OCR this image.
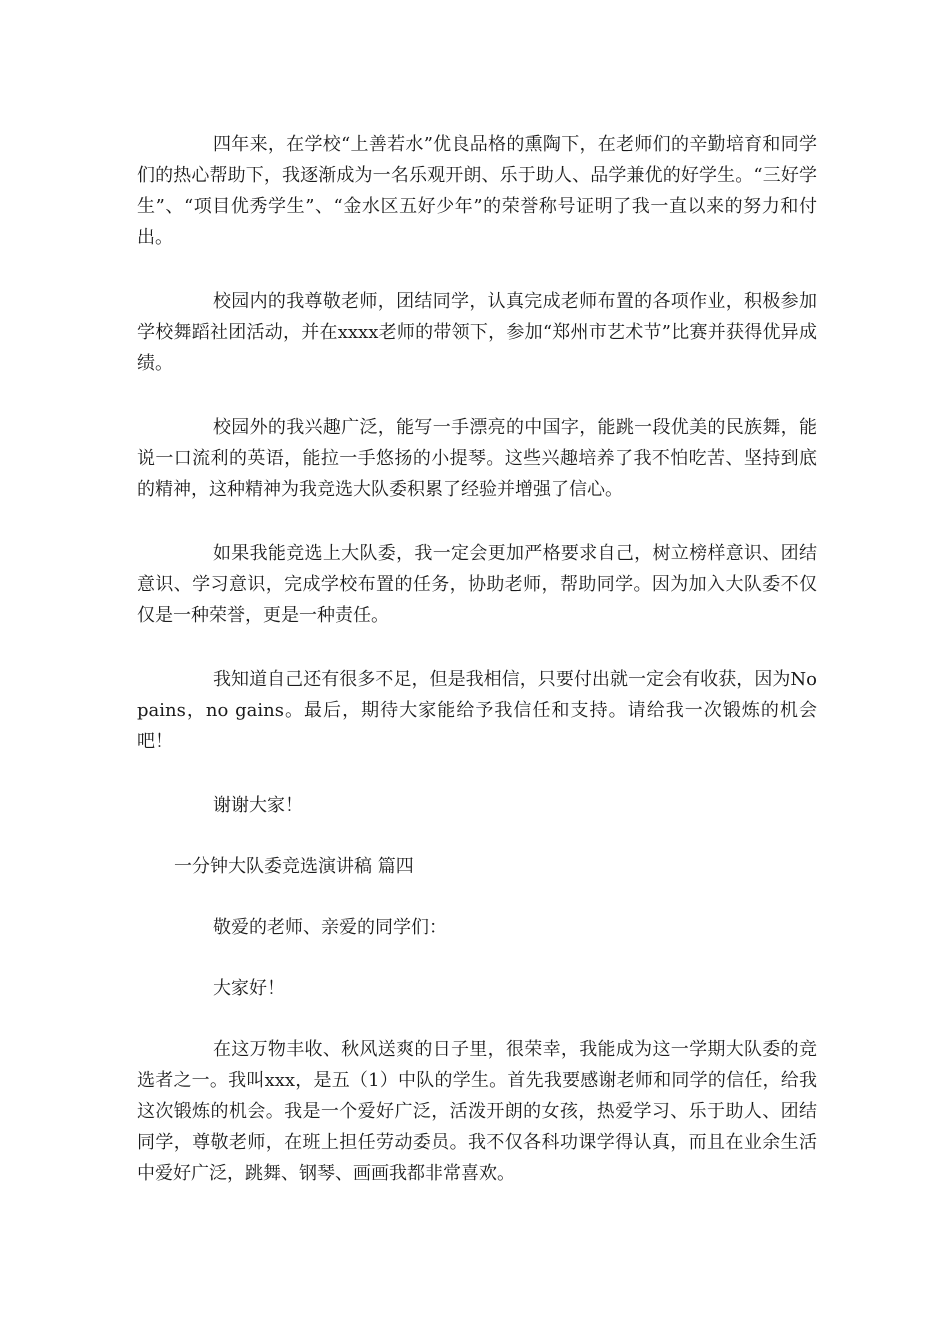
四年来，在学校“上善若水”优良品格的熏陶下，在老师们的辛勤培育和同学们的热心帮助下，我逐渐成为一名乐观开朗、乐于助人、品学兼优的好学生。“三好学生”、“项目优秀学生”、“金水区五好少年”的荣誉称号证明了我一直以来的努力和付出。

校园内的我尊敬老师，团结同学，认真完成老师布置的各项作业，积极参加学校舞蹈社团活动，并在xxxx老师的带领下，参加“郑州市艺术节”比赛并获得优异成绩。

校园外的我兴趣广泛，能写一手漂亮的中国字，能跳一段优美的民族舞，能说一口流利的英语，能拉一手悠扬的小提琴。这些兴趣培养了我不怕吃苦、坚持到底的精神，这种精神为我竞选大队委积累了经验并增强了信心。

如果我能竞选上大队委，我一定会更加严格要求自己，树立榜样意识、团结意识、学习意识，完成学校布置的任务，协助老师，帮助同学。因为加入大队委不仅仅是一种荣誉，更是一种责任。

我知道自己还有很多不足，但是我相信，只要付出就一定会有收获，因为No pains，no gains。最后，期待大家能给予我信任和支持。请给我一次锻炼的机会吧！

谢谢大家！

一分钟大队委竞选演讲稿 篇四

敬爱的老师、亲爱的同学们：

大家好！

在这万物丰收、秋风送爽的日子里，很荣幸，我能成为这一学期大队委的竞选者之一。我叫xxx，是五（1）中队的学生。首先我要感谢老师和同学的信任，给我这次锻炼的机会。我是一个爱好广泛，活泼开朗的女孩，热爱学习、乐于助人、团结同学，尊敬老师，在班上担任劳动委员。我不仅各科功课学得认真，而且在业余生活中爱好广泛，跳舞、钢琴、画画我都非常喜欢。
